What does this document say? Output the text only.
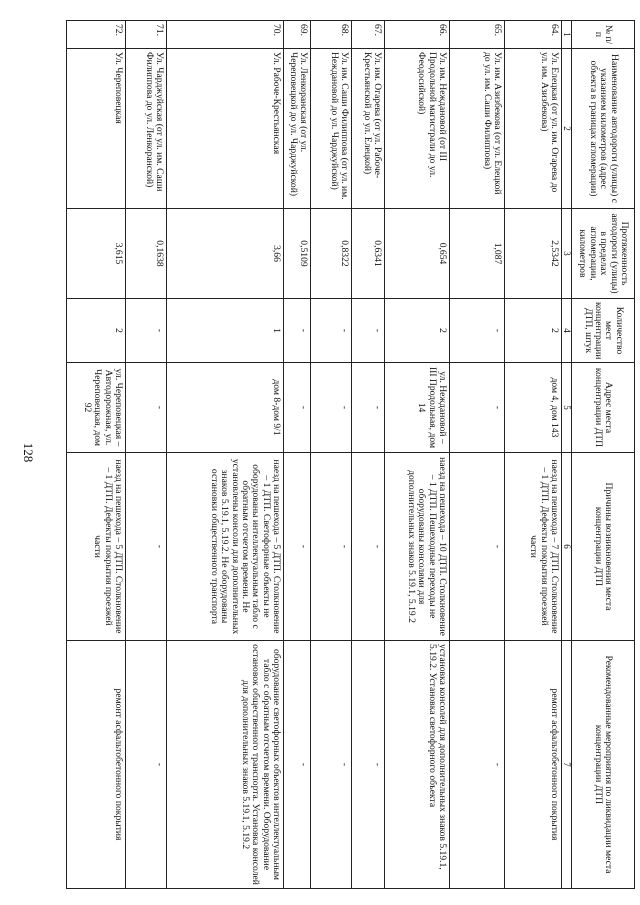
128
№ п/п	Наименование автодороги (улицы) с указанием километров (адрес объекта в границах агломерации)	Протяженность автодороги (улицы) в пределах агломерации, километров	Количество мест концентрации ДТП, штук	Адрес места концентрации ДТП	Причины возникновения места концентрации ДТП	Рекомендованные мероприятия по ликвидации места концентрации ДТП
1	2	3	4	5	6	7
64.	Ул. Елецкая (от ул. им. Огарева до ул. им. Азизбекова)	2,5342	2	дом 4, дом 143	наезд на пешехода – 7 ДТП. Столкновение – 1 ДТП. Дефекты покрытия проезжей части	ремонт асфальтобетонного покрытия
65.	Ул. им. Азизбекова (от ул. Елецкой до ул. им. Саши Филиппова)	1,087	-	-	-	-
66.	Ул. им. Неждановой (от III Продольной магистрали до ул. Феодосийской)	0,654	2	ул. Неждановой – III Продольная, дом 14	наезд на пешехода – 10 ДТП. Столкновение – 1 ДТП. Пешеходные переходы не оборудованы консолями для дополнительных знаков 5.19.1, 5.19.2	установка консолей для дополнительных знаков 5.19.1, 5.19.2. Установка светофорного объекта
67.	Ул. им. Огарева (от ул. Рабоче-Крестьянской до ул. Елецкой)	0,6341	-	-	-	-
68.	Ул. им. Саши Филиппова (от ул. им. Неждановой до ул. Чарджуйской)	0,8322	-	-	-	-
69.	Ул. Ленкоранская (от ул. Череповецкой до ул. Чарджуйской)	0,5109	-	-	-	-
70.	Ул. Рабоче-Крестьянская	3,66	1	дом 8-дом 9/1	наезд на пешехода – 5 ДТП. Столкновение – 1 ДТП. Светофорные объекты не оборудованы интеллектуальным табло с обратным отсчетом времени. Не установлены консоли для дополнительных знаков 5.19.1, 5.19.2. Не оборудованы остановки общественного транспорта	оборудование светофорных объектов интеллектуальным табло с обратным отсчетом времени. Оборудование остановок общественного транспорта. Установка консолей для дополнительных знаков 5.19.1, 5.19.2
71.	Ул. Чарджуйская (от ул. им. Саши Филиппова до ул. Ленкоранской)	0,1638	-	-	-	-
72.	Ул. Череповецкая	3,615	2	ул. Череповецкая – Автодорожная, ул. Череповецкая, дом 92	наезд на пешехода – 5 ДТП. Столкновение – 1 ДТП. Дефекты покрытия проезжей части	ремонт асфальтобетонного покрытия
